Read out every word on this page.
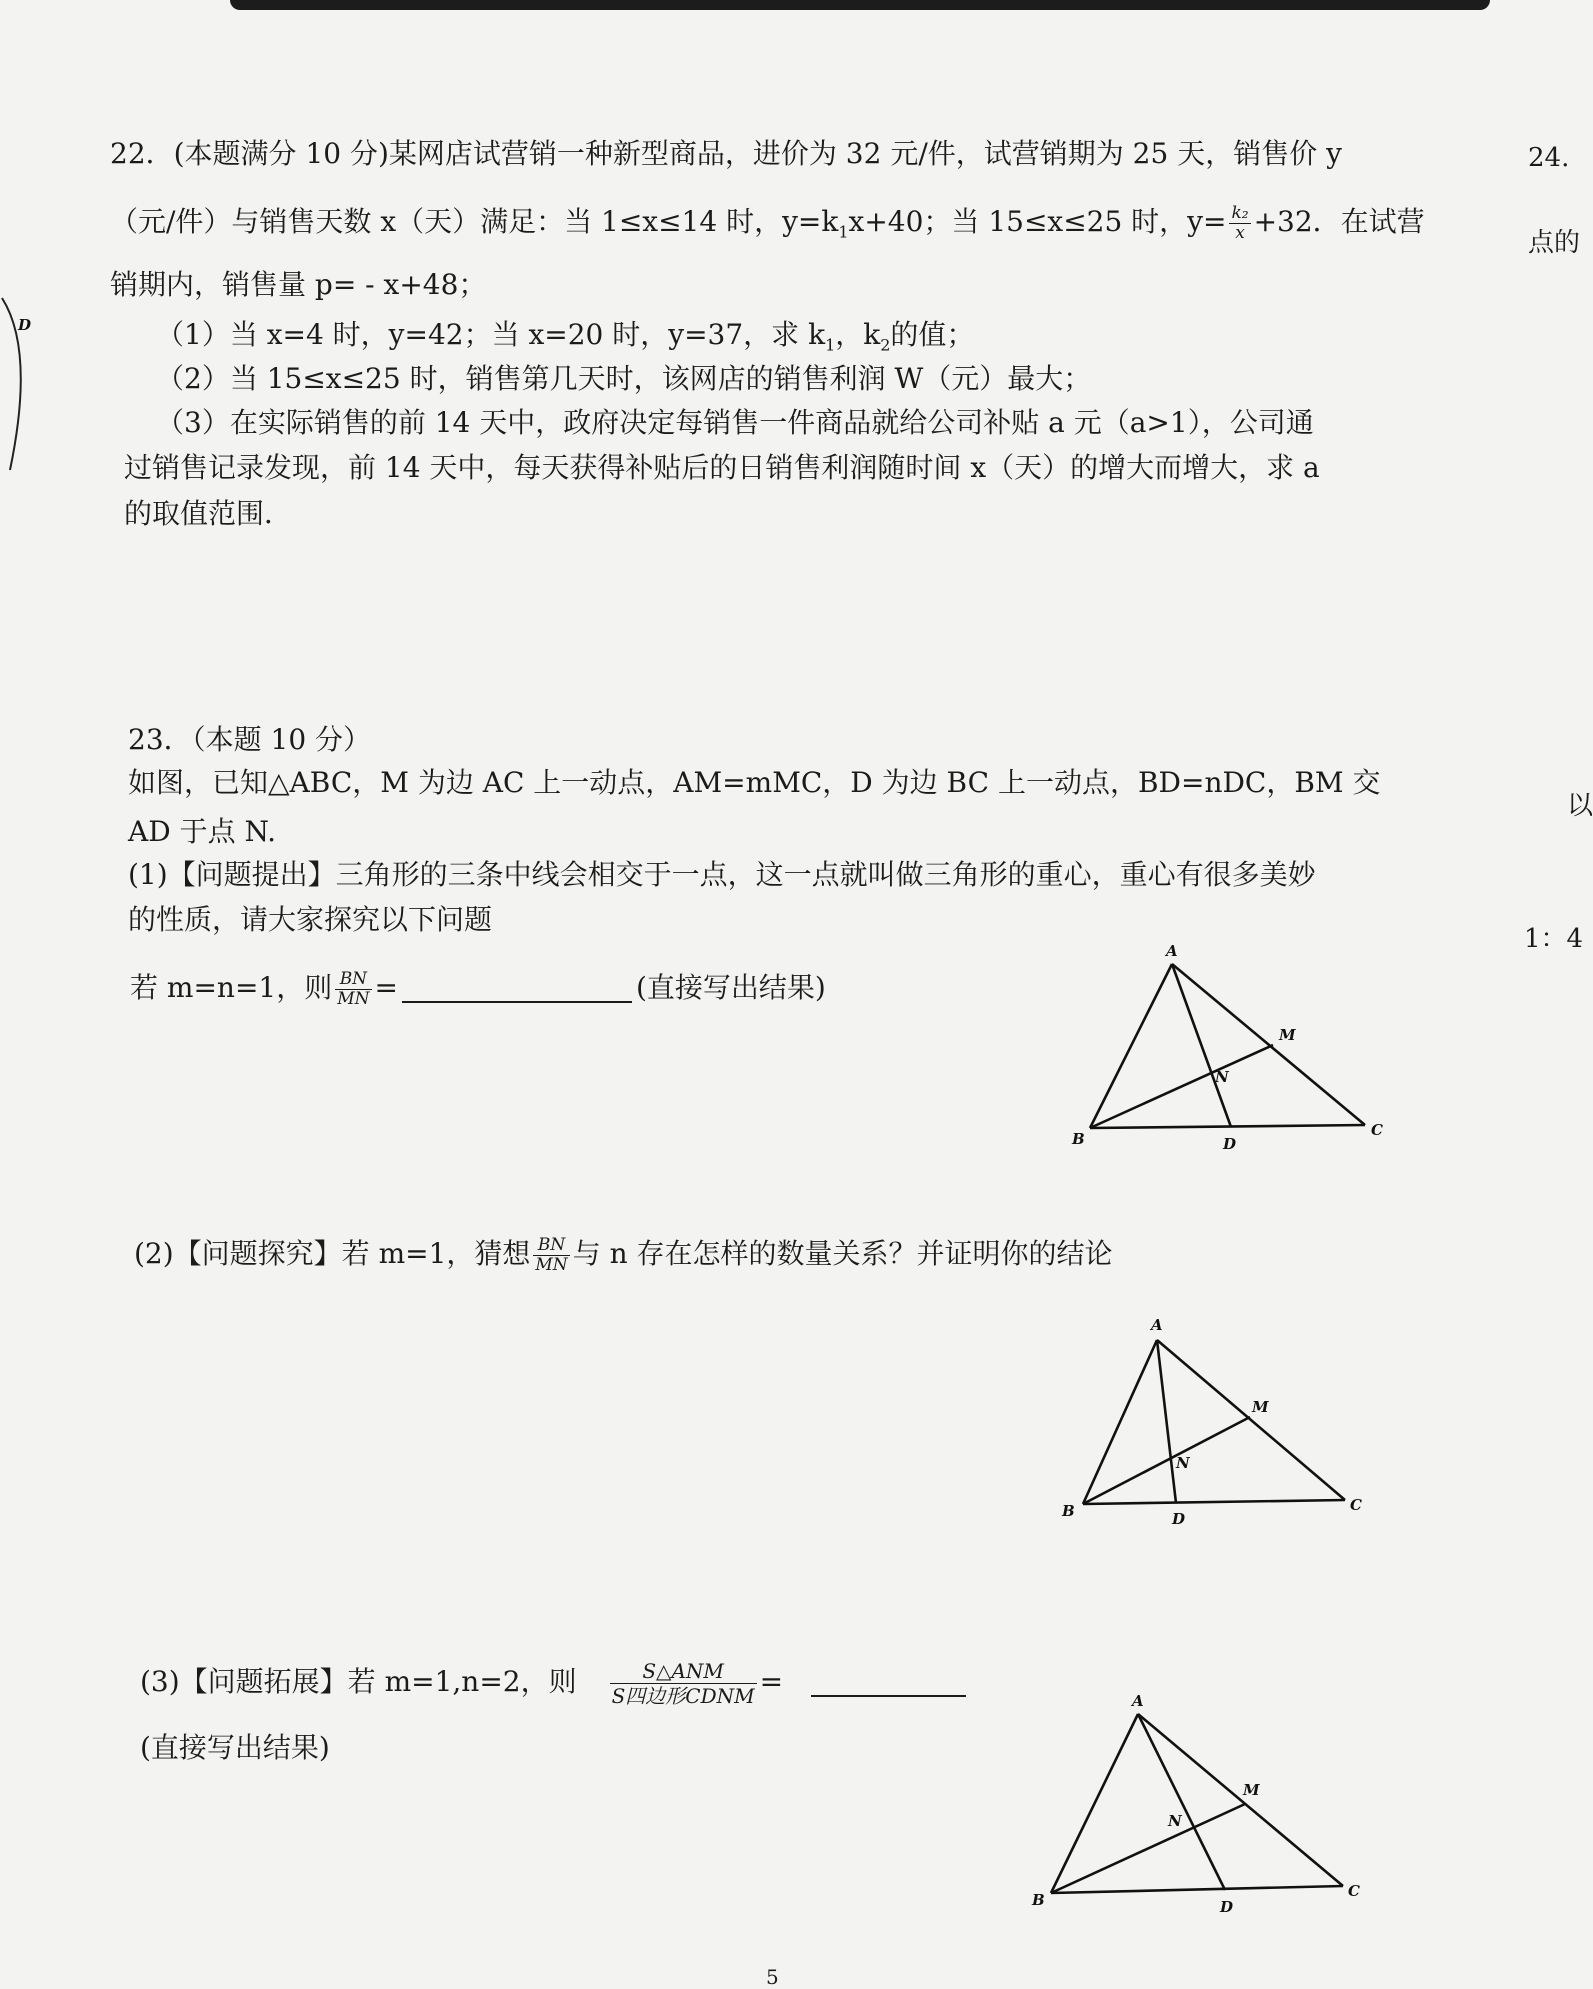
D
22．(本题满分 10 分)某网店试营销一种新型商品，进价为 32 元/件，试营销期为 25 天，销售价 y
（元/件）与销售天数 x（天）满足：当 1≤x≤14 时，$y=k_1x+40$；当 15≤x≤25 时，$y= \frac{\text{k₂}}{x} +32$．在试营
销期内，销售量 p= - x+48；
（1）当 x=4 时，y=42；当 x=20 时，y=37，求 $k_1$，$k_2$的值；
（2）当 15≤x≤25 时，销售第几天时，该网店的销售利润 W（元）最大；
（3）在实际销售的前 14 天中，政府决定每销售一件商品就给公司补贴 a 元（a>1），公司通
过销售记录发现，前 14 天中，每天获得补贴后的日销售利润随时间 x（天）的增大而增大，求 a
的取值范围．
23．（本题 10 分）
如图，已知△ABC，M 为边 AC 上一动点，AM=mMC，D 为边 BC 上一动点，BD=nDC，BM 交
AD 于点 N.
(1)【问题提出】三角形的三条中线会相交于一点，这一点就叫做三角形的重心，重心有很多美妙
的性质，请大家探究以下问题
若 m=n=1，则 $\frac{BN}{MN}$ =	(直接写出结果)
(2)【问题探究】若 m=1，猜想 $\frac{BN}{MN}$ 与 n 存在怎样的数量关系？并证明你的结论
(3)【问题拓展】若 m=1,n=2，则 $\frac{\text{S△ANM}}{\text{S四边形CDNM}}$ =
(直接写出结果)
A
B	C
D
M
N
A
B	C
D
M
N
A
B	C
D
M
N
24.
点的
以
1：4
5
